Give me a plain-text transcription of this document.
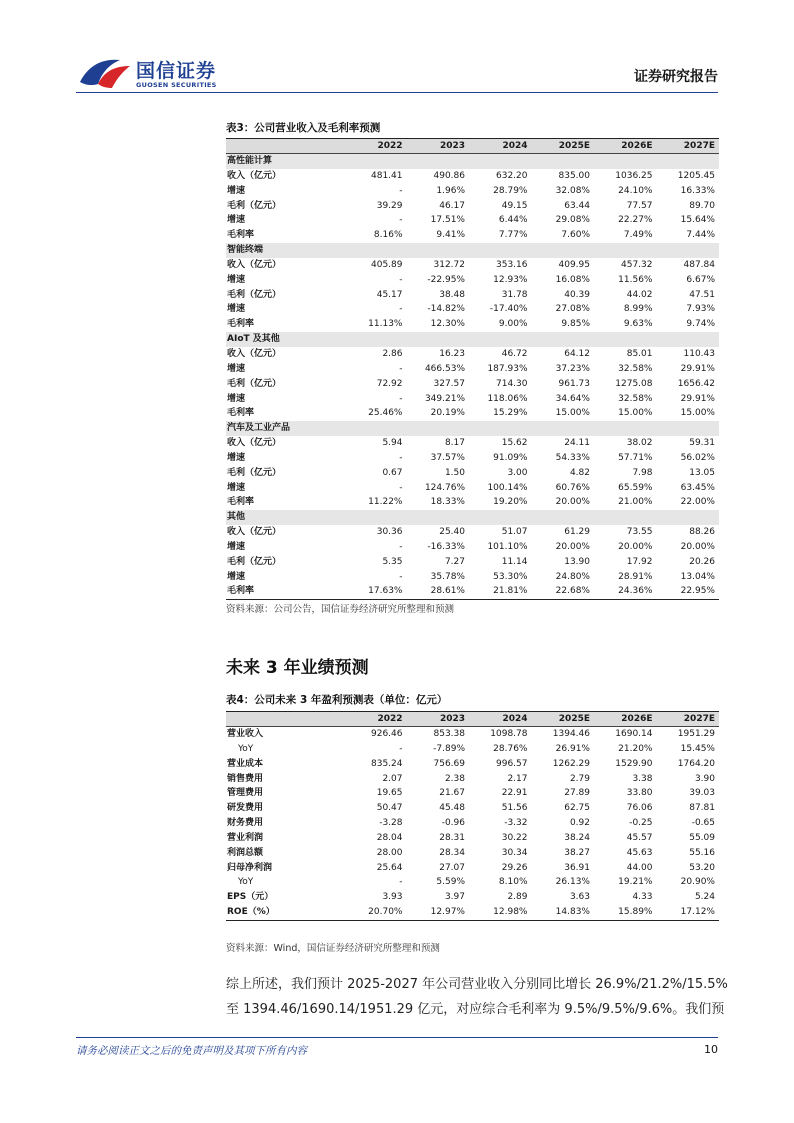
国信证券
GUOSEN SECURITIES	证券研究报告
表3：公司营业收入及毛利率预测
	2022	2023	2024	2025E	2026E	2027E
高性能计算						
收入（亿元）	481.41	490.86	632.20	835.00	1036.25	1205.45
增速	-	1.96%	28.79%	32.08%	24.10%	16.33%
毛利（亿元）	39.29	46.17	49.15	63.44	77.57	89.70
增速	-	17.51%	6.44%	29.08%	22.27%	15.64%
毛利率	8.16%	9.41%	7.77%	7.60%	7.49%	7.44%
智能终端						
收入（亿元）	405.89	312.72	353.16	409.95	457.32	487.84
增速	-	-22.95%	12.93%	16.08%	11.56%	6.67%
毛利（亿元）	45.17	38.48	31.78	40.39	44.02	47.51
增速	-	-14.82%	-17.40%	27.08%	8.99%	7.93%
毛利率	11.13%	12.30%	9.00%	9.85%	9.63%	9.74%
AIoT 及其他						
收入（亿元）	2.86	16.23	46.72	64.12	85.01	110.43
增速	-	466.53%	187.93%	37.23%	32.58%	29.91%
毛利（亿元）	72.92	327.57	714.30	961.73	1275.08	1656.42
增速	-	349.21%	118.06%	34.64%	32.58%	29.91%
毛利率	25.46%	20.19%	15.29%	15.00%	15.00%	15.00%
汽车及工业产品						
收入（亿元）	5.94	8.17	15.62	24.11	38.02	59.31
增速	-	37.57%	91.09%	54.33%	57.71%	56.02%
毛利（亿元）	0.67	1.50	3.00	4.82	7.98	13.05
增速	-	124.76%	100.14%	60.76%	65.59%	63.45%
毛利率	11.22%	18.33%	19.20%	20.00%	21.00%	22.00%
其他						
收入（亿元）	30.36	25.40	51.07	61.29	73.55	88.26
增速	-	-16.33%	101.10%	20.00%	20.00%	20.00%
毛利（亿元）	5.35	7.27	11.14	13.90	17.92	20.26
增速	-	35.78%	53.30%	24.80%	28.91%	13.04%
毛利率	17.63%	28.61%	21.81%	22.68%	24.36%	22.95%
资料来源：公司公告，国信证券经济研究所整理和预测
未来 3 年业绩预测
表4：公司未来 3 年盈利预测表（单位：亿元）
	2022	2023	2024	2025E	2026E	2027E
营业收入	926.46	853.38	1098.78	1394.46	1690.14	1951.29
YoY	-	-7.89%	28.76%	26.91%	21.20%	15.45%
营业成本	835.24	756.69	996.57	1262.29	1529.90	1764.20
销售费用	2.07	2.38	2.17	2.79	3.38	3.90
管理费用	19.65	21.67	22.91	27.89	33.80	39.03
研发费用	50.47	45.48	51.56	62.75	76.06	87.81
财务费用	-3.28	-0.96	-3.32	0.92	-0.25	-0.65
营业利润	28.04	28.31	30.22	38.24	45.57	55.09
利润总额	28.00	28.34	30.34	38.27	45.63	55.16
归母净利润	25.64	27.07	29.26	36.91	44.00	53.20
YoY	-	5.59%	8.10%	26.13%	19.21%	20.90%
EPS（元）	3.93	3.97	2.89	3.63	4.33	5.24
ROE（%）	20.70%	12.97%	12.98%	14.83%	15.89%	17.12%
资料来源：Wind，国信证券经济研究所整理和预测
综上所述，我们预计 2025-2027 年公司营业收入分别同比增长 26.9%/21.2%/15.5%
至 1394.46/1690.14/1951.29 亿元，对应综合毛利率为 9.5%/9.5%/9.6%。我们预
请务必阅读正文之后的免责声明及其项下所有内容	10
